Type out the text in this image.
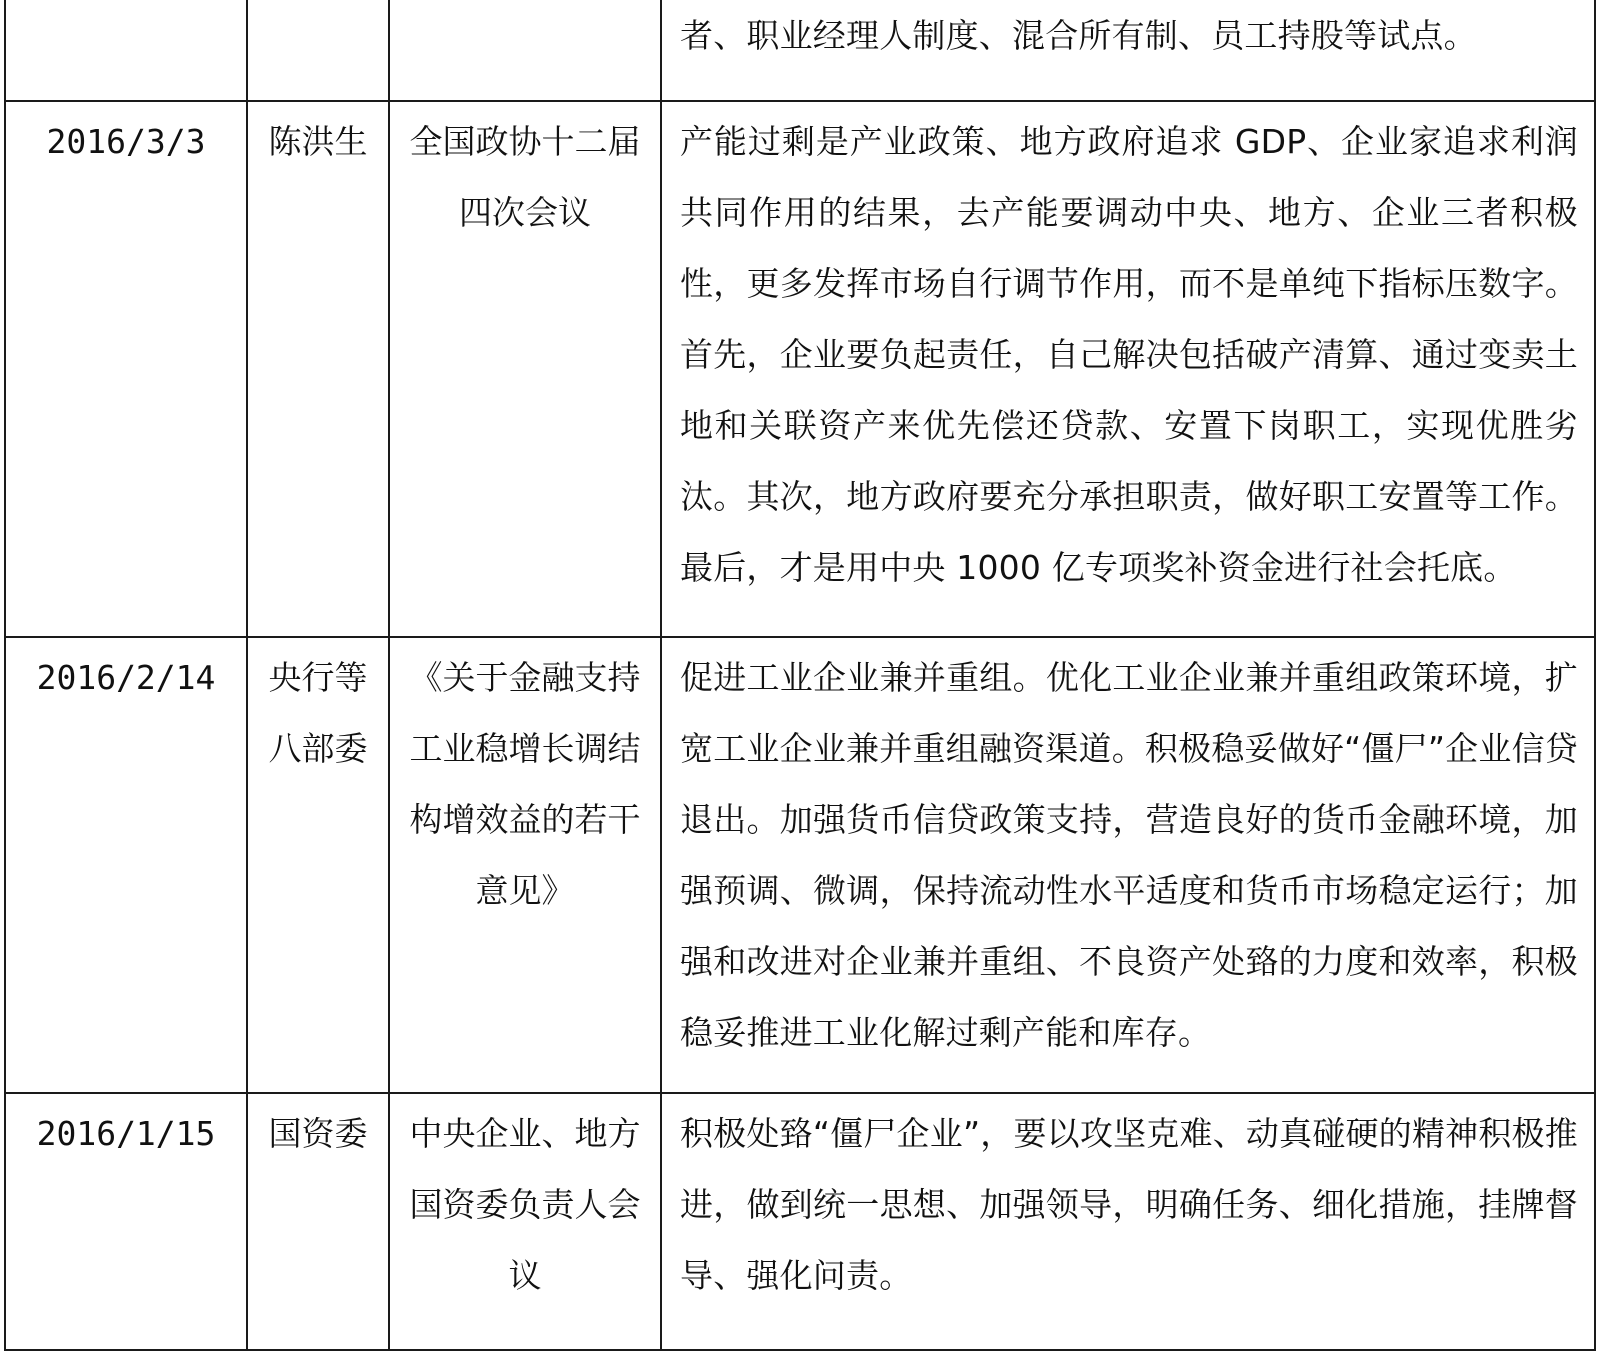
			者、职业经理人制度、混合所有制、员工持股等试点。
2016/3/3	陈洪生	全国政协十二届四次会议	产能过剩是产业政策、地方政府追求 GDP、企业家追求利润共同作用的结果，去产能要调动中央、地方、企业三者积极性，更多发挥市场自行调节作用，而不是单纯下指标压数字。首先，企业要负起责任，自己解决包括破产清算、通过变卖土地和关联资产来优先偿还贷款、安置下岗职工，实现优胜劣汰。其次，地方政府要充分承担职责，做好职工安置等工作。最后，才是用中央 1000 亿专项奖补资金进行社会托底。
2016/2/14	央行等八部委	《关于金融支持工业稳增长调结构增效益的若干意见》	促进工业企业兼并重组。优化工业企业兼并重组政策环境，扩宽工业企业兼并重组融资渠道。积极稳妥做好“僵尸”企业信贷退出。加强货币信贷政策支持，营造良好的货币金融环境，加强预调、微调，保持流动性水平适度和货币市场稳定运行；加强和改进对企业兼并重组、不良资产处臵的力度和效率，积极稳妥推进工业化解过剩产能和库存。
2016/1/15	国资委	中央企业、地方国资委负责人会议	积极处臵“僵尸企业”，要以攻坚克难、动真碰硬的精神积极推进，做到统一思想、加强领导，明确任务、细化措施，挂牌督导、强化问责。
